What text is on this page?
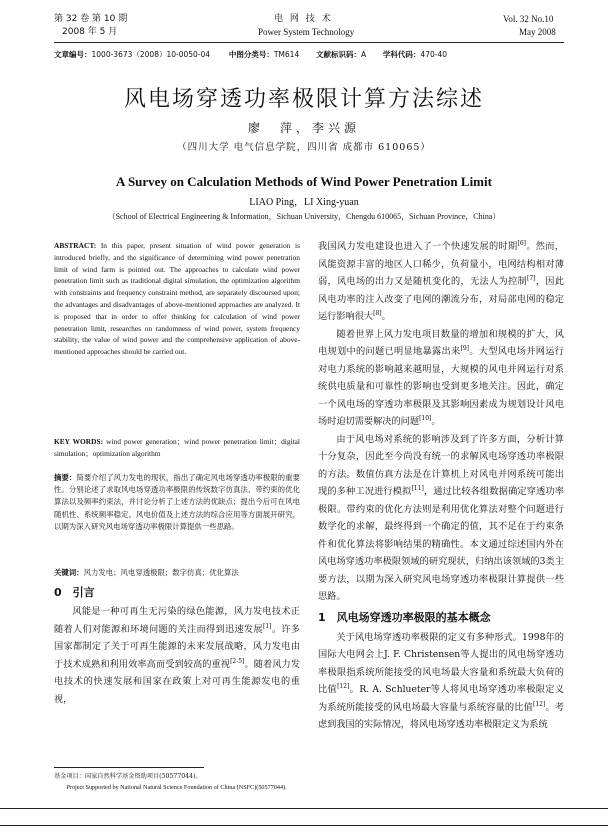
第 32 卷 第 10 期
2008 年 5 月
电 网 技 术
Power System Technology
Vol. 32 No.10
May 2008
文章编号：1000-3673（2008）10-0050-04	中图分类号：TM614 文献标识码：A 学科代码：470-40
风电场穿透功率极限计算方法综述
廖　萍，李兴源
（四川大学 电气信息学院，四川省 成都市 610065）
A Survey on Calculation Methods of Wind Power Penetration Limit
LIAO Ping，LI Xing-yuan
（School of Electrical Engineering & Information，Sichuan University，Chengdu 610065，Sichuan Province，China）
ABSTRACT: In this paper, present situation of wind power generation is introduced briefly, and the significance of determining wind power penetration limit of wind farm is pointed out. The approaches to calculate wind power penetration limit such as traditional digital simulation, the optimization algorithm with constraints and frequency constraint method, are separately discoursed upon; the advantages and disadvantages of above-mentioned approaches are analyzed. It is proposed that in order to offer thinking for calculation of wind power penetration limit, researches on randomness of wind power, system frequency stability, the value of wind power and the comprehensive application of above-mentioned approaches should be carried out.
KEY WORDS: wind power generation；wind power penetration limit；digital simulation；optimization algorithm
摘要：简要介绍了风力发电的现状，指出了确定风电场穿透功率极限的重要性。分别论述了求取风电场穿透功率极限的传统数字仿真法、带约束的优化算法以及频率约束法，并讨论分析了上述方法的优缺点；提出今后可在风电随机性、系统频率稳定、风电价值及上述方法的综合应用等方面展开研究，以期为深入研究风电场穿透功率极限计算提供一些思路。
关键词：风力发电；风电穿透极限；数字仿真；优化算法
0　引言
风能是一种可再生无污染的绿色能源，风力发电技术正随着人们对能源和环境问题的关注而得到迅速发展[1]。许多国家都制定了关于可再生能源的未来发展战略，风力发电由于技术成熟和利用效率高而受到较高的重视[2-5]。随着风力发电技术的快速发展和国家在政策上对可再生能源发电的重视，
基金项目：国家自然科学基金资助项目(50577044)。
Project Supported by National Natural Science Foundation of China (NSFC)(50577044).
我国风力发电建设也进入了一个快速发展的时期[6]。然而，风能资源丰富的地区人口稀少，负荷量小，电网结构相对薄弱，风电场的出力又是随机变化的，无法人为控制[7]，因此风电功率的注入改变了电网的潮流分布，对局部电网的稳定运行影响很大[8]。
随着世界上风力发电项目数量的增加和规模的扩大，风电规划中的问题已明显地暴露出来[9]。大型风电场并网运行对电力系统的影响越来越明显，大规模的风电并网运行对系统供电质量和可靠性的影响也受到更多地关注。因此，确定一个风电场的穿透功率极限及其影响因素成为规划设计风电场时迫切需要解决的问题[10]。
由于风电场对系统的影响涉及到了许多方面，分析计算十分复杂，因此至今尚没有统一的求解风电场穿透功率极限的方法。数值仿真方法是在计算机上对风电并网系统可能出现的多种工况进行模拟[11]，通过比较各组数据确定穿透功率极限。带约束的优化方法则是利用优化算法对整个问题进行数学化的求解，最终得到一个确定的值，其不足在于约束条件和优化算法将影响结果的精确性。本文通过综述国内外在风电场穿透功率极限领域的研究现状，归纳出该领域的3类主要方法，以期为深入研究风电场穿透功率极限计算提供一些思路。
1　风电场穿透功率极限的基本概念
关于风电场穿透功率极限的定义有多种形式。1998年的国际大电网会上J. F. Christensen等人提出的风电场穿透功率极限指系统所能接受的风电场最大容量和系统最大负荷的比值[12]。R. A. Schlueter等人将风电场穿透功率极限定义为系统所能接受的风电场最大容量与系统容量的比值[12]。考虑到我国的实际情况，将风电场穿透功率极限定义为系统
